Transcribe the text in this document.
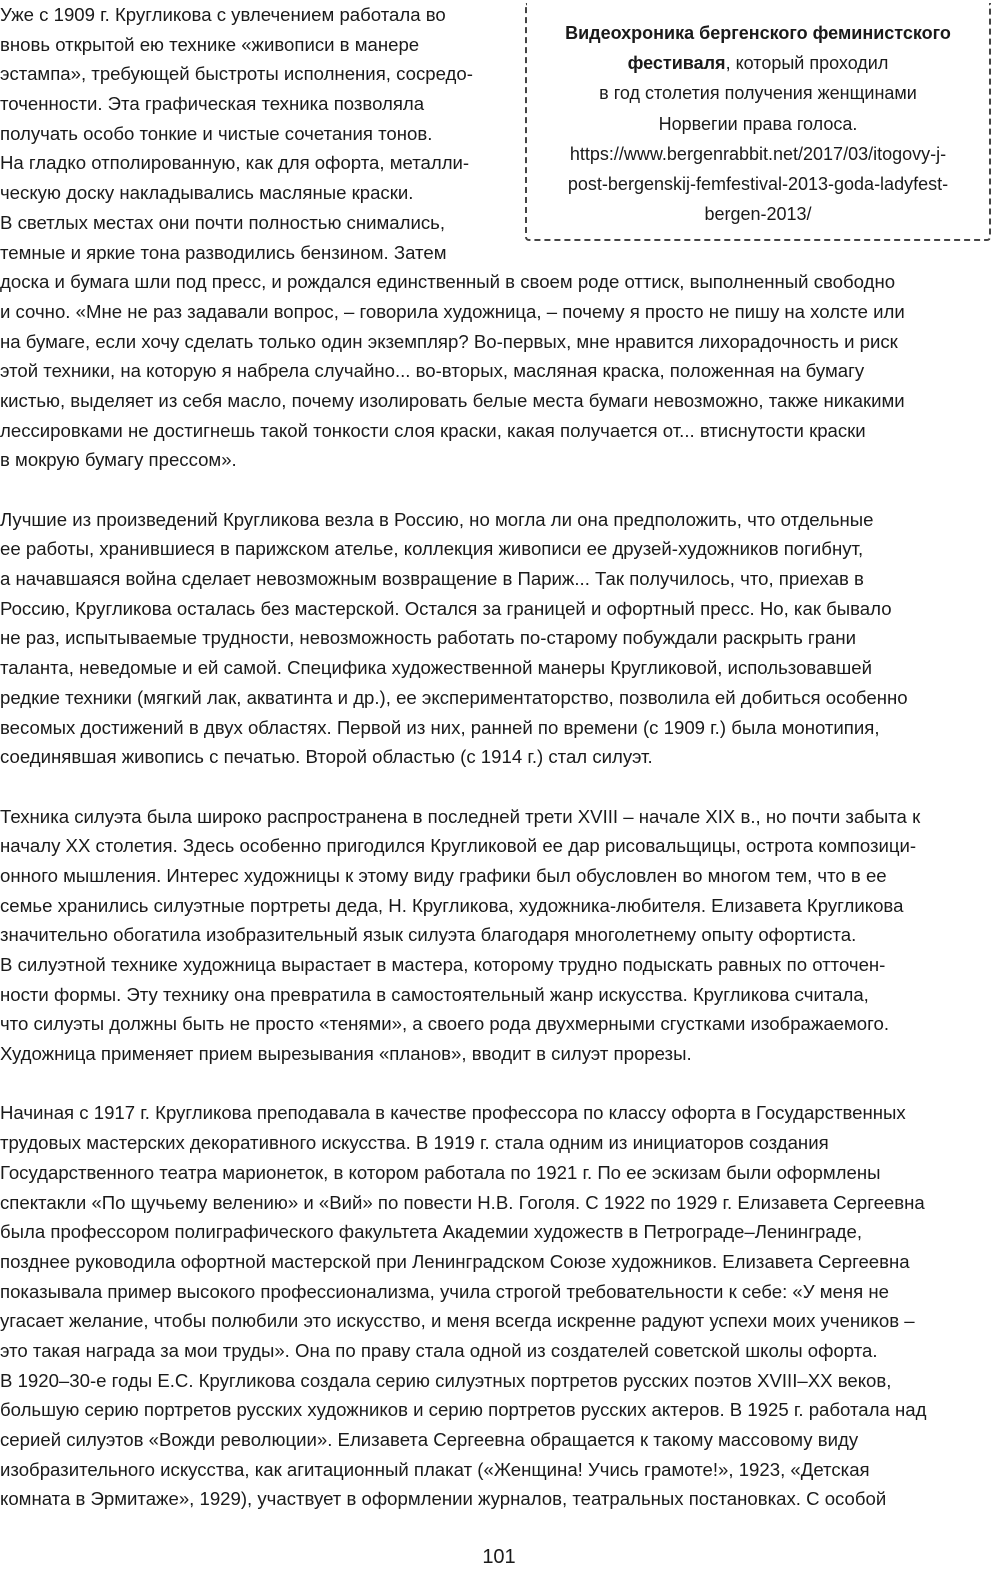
Уже с 1909 г. Кругликова с увлечением работала во
вновь открытой ею технике «живописи в манере
эстампа», требующей быстроты исполнения, сосредо-
точенности. Эта графическая техника позволяла
получать особо тонкие и чистые сочетания тонов.
На гладко отполированную, как для офорта, металли-
ческую доску накладывались масляные краски.
В светлых местах они почти полностью снимались,
темные и яркие тона разводились бензином. Затем
доска и бумага шли под пресс, и рождался единственный в своем роде оттиск, выполненный свободно
и сочно. «Мне не раз задавали вопрос, – говорила художница, – почему я просто не пишу на холсте или
на бумаге, если хочу сделать только один экземпляр? Во-первых, мне нравится лихорадочность и риск
этой техники, на которую я набрела случайно... во-вторых, масляная краска, положенная на бумагу
кистью, выделяет из себя масло, почему изолировать белые места бумаги невозможно, также никакими
лессировками не достигнешь такой тонкости слоя краски, какая получается от... втиснутости краски
в мокрую бумагу прессом».
Лучшие из произведений Кругликова везла в Россию, но могла ли она предположить, что отдельные
ее работы, хранившиеся в парижском ателье, коллекция живописи ее друзей-художников погибнут,
а начавшаяся война сделает невозможным возвращение в Париж... Так получилось, что, приехав в
Россию, Кругликова осталась без мастерской. Остался за границей и офортный пресс. Но, как бывало
не раз, испытываемые трудности, невозможность работать по-старому побуждали раскрыть грани
таланта, неведомые и ей самой. Специфика художественной манеры Кругликовой, использовавшей
редкие техники (мягкий лак, акватинта и др.), ее экспериментаторство, позволила ей добиться особенно
весомых достижений в двух областях. Первой из них, ранней по времени (с 1909 г.) была монотипия,
соединявшая живопись с печатью. Второй областью (с 1914 г.) стал силуэт.
Техника силуэта была широко распространена в последней трети XVIII – начале XIX в., но почти забыта к
началу ХХ столетия. Здесь особенно пригодился Кругликовой ее дар рисовальщицы, острота композици-
онного мышления. Интерес художницы к этому виду графики был обусловлен во многом тем, что в ее
семье хранились силуэтные портреты деда, Н. Кругликова, художника-любителя. Елизавета Кругликова
значительно обогатила изобразительный язык силуэта благодаря многолетнему опыту офортиста.
В силуэтной технике художница вырастает в мастера, которому трудно подыскать равных по отточен-
ности формы. Эту технику она превратила в самостоятельный жанр искусства. Кругликова считала,
что силуэты должны быть не просто «тенями», а своего рода двухмерными сгустками изображаемого.
Художница применяет прием вырезывания «планов», вводит в силуэт прорезы.
Начиная с 1917 г. Кругликова преподавала в качестве профессора по классу офорта в Государственных
трудовых мастерских декоративного искусства. В 1919 г. стала одним из инициаторов создания
Государственного театра марионеток, в котором работала по 1921 г. По ее эскизам были оформлены
спектакли «По щучьему велению» и «Вий» по повести Н.В. Гоголя. С 1922 по 1929 г. Елизавета Сергеевна
была профессором полиграфического факультета Академии художеств в Петрограде–Ленинграде,
позднее руководила офортной мастерской при Ленинградском Союзе художников. Елизавета Сергеевна
показывала пример высокого профессионализма, учила строгой требовательности к себе: «У меня не
угасает желание, чтобы полюбили это искусство, и меня всегда искренне радуют успехи моих учеников –
это такая награда за мои труды». Она по праву стала одной из создателей советской школы офорта.
В 1920–30-е годы Е.С. Кругликова создала серию силуэтных портретов русских поэтов XVIII–XX веков,
большую серию портретов русских художников и серию портретов русских актеров. В 1925 г. работала над
серией силуэтов «Вожди революции». Елизавета Сергеевна обращается к такому массовому виду
изобразительного искусства, как агитационный плакат («Женщина! Учись грамоте!», 1923, «Детская
комната в Эрмитаже», 1929), участвует в оформлении журналов, театральных постановках. С особой
Видеохроника бергенского феминистского
фестиваля, который проходил
в год столетия получения женщинами
Норвегии права голоса.
https://www.bergenrabbit.net/2017/03/itogovy-j-
post-bergenskij-femfestival-2013-goda-ladyfest-
bergen-2013/
101
